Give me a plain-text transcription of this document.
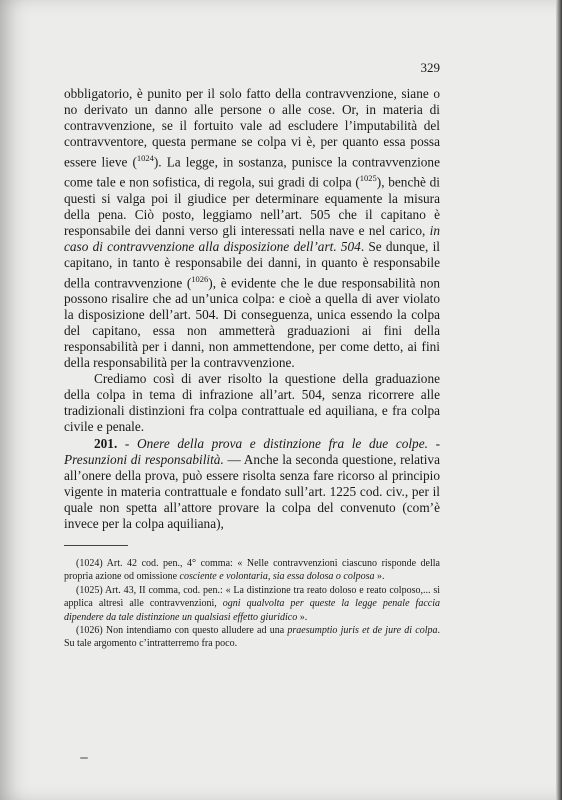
329

obbligatorio, è punito per il solo fatto della contravvenzione, siane o no derivato un danno alle persone o alle cose. Or, in materia di contravvenzione, se il fortuito vale ad escludere l’imputabilità del contravventore, questa permane se colpa vi è, per quanto essa possa essere lieve ($^{1024}$). La legge, in sostanza, punisce la contravvenzione come tale e non sofistica, di regola, sui gradi di colpa ($^{1025}$), benchè di questi si valga poi il giudice per determinare equamente la misura della pena. Ciò posto, leggiamo nell’art. 505 che il capitano è responsabile dei danni verso gli interessati nella nave e nel carico, in caso di contravvenzione alla disposizione dell’art. 504. Se dunque, il capitano, in tanto è responsabile dei danni, in quanto è responsabile della contravvenzione ($^{1026}$), è evidente che le due responsabilità non possono risalire che ad un’unica colpa: e cioè a quella di aver violato la disposizione dell’art. 504. Di conseguenza, unica essendo la colpa del capitano, essa non ammetterà graduazioni ai fini della responsabilità per i danni, non ammettendone, per come detto, ai fini della responsabilità per la contravvenzione.

Crediamo così di aver risolto la questione della graduazione della colpa in tema di infrazione all’art. 504, senza ricorrere alle tradizionali distinzioni fra colpa contrattuale ed aquiliana, e fra colpa civile e penale.

201. - Onere della prova e distinzione fra le due colpe. - Presunzioni di responsabilità. — Anche la seconda questione, relativa all’onere della prova, può essere risolta senza fare ricorso al principio vigente in materia contrattuale e fondato sull’art. 1225 cod. civ., per il quale non spetta all’attore provare la colpa del convenuto (com’è invece per la colpa aquiliana),

(1024) Art. 42 cod. pen., 4° comma: « Nelle contravvenzioni ciascuno risponde della propria azione od omissione cosciente e volontaria, sia essa dolosa o colposa ».

(1025) Art. 43, II comma, cod. pen.: « La distinzione tra reato doloso e reato colposo,... si applica altresì alle contravvenzioni, ogni qualvolta per queste la legge penale faccia dipendere da tale distinzione un qualsiasi effetto giuridico ».

(1026) Non intendiamo con questo alludere ad una praesumptio juris et de jure di colpa. Su tale argomento c’intratterremo fra poco.
